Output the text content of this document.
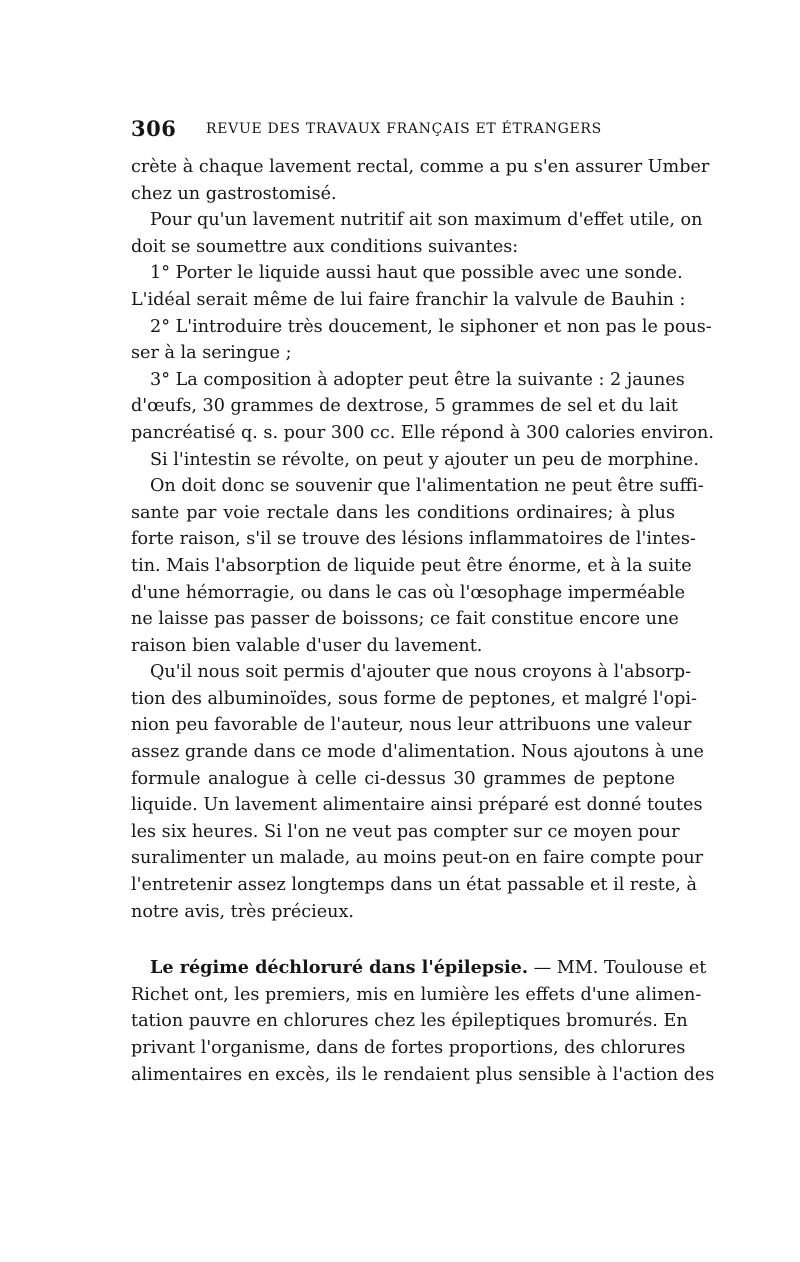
306 REVUE DES TRAVAUX FRANÇAIS ET ÉTRANGERS
crète à chaque lavement rectal, comme a pu s'en assurer Umber
chez un gastrostomisé.
Pour qu'un lavement nutritif ait son maximum d'effet utile, on
doit se soumettre aux conditions suivantes:
1° Porter le liquide aussi haut que possible avec une sonde.
L'idéal serait même de lui faire franchir la valvule de Bauhin :
2° L'introduire très doucement, le siphoner et non pas le pous-
ser à la seringue ;
3° La composition à adopter peut être la suivante : 2 jaunes
d'œufs, 30 grammes de dextrose, 5 grammes de sel et du lait
pancréatisé q. s. pour 300 cc. Elle répond à 300 calories environ.
Si l'intestin se révolte, on peut y ajouter un peu de morphine.
On doit donc se souvenir que l'alimentation ne peut être suffi-
sante par voie rectale dans les conditions ordinaires; à plus
forte raison, s'il se trouve des lésions inflammatoires de l'intes-
tin. Mais l'absorption de liquide peut être énorme, et à la suite
d'une hémorragie, ou dans le cas où l'œsophage imperméable
ne laisse pas passer de boissons; ce fait constitue encore une
raison bien valable d'user du lavement.
Qu'il nous soit permis d'ajouter que nous croyons à l'absorp-
tion des albuminoïdes, sous forme de peptones, et malgré l'opi-
nion peu favorable de l'auteur, nous leur attribuons une valeur
assez grande dans ce mode d'alimentation. Nous ajoutons à une
formule analogue à celle ci-dessus 30 grammes de peptone
liquide. Un lavement alimentaire ainsi préparé est donné toutes
les six heures. Si l'on ne veut pas compter sur ce moyen pour
suralimenter un malade, au moins peut-on en faire compte pour
l'entretenir assez longtemps dans un état passable et il reste, à
notre avis, très précieux.
Le régime déchloruré dans l'épilepsie. — MM. Toulouse et
Richet ont, les premiers, mis en lumière les effets d'une alimen-
tation pauvre en chlorures chez les épileptiques bromurés. En
privant l'organisme, dans de fortes proportions, des chlorures
alimentaires en excès, ils le rendaient plus sensible à l'action des
